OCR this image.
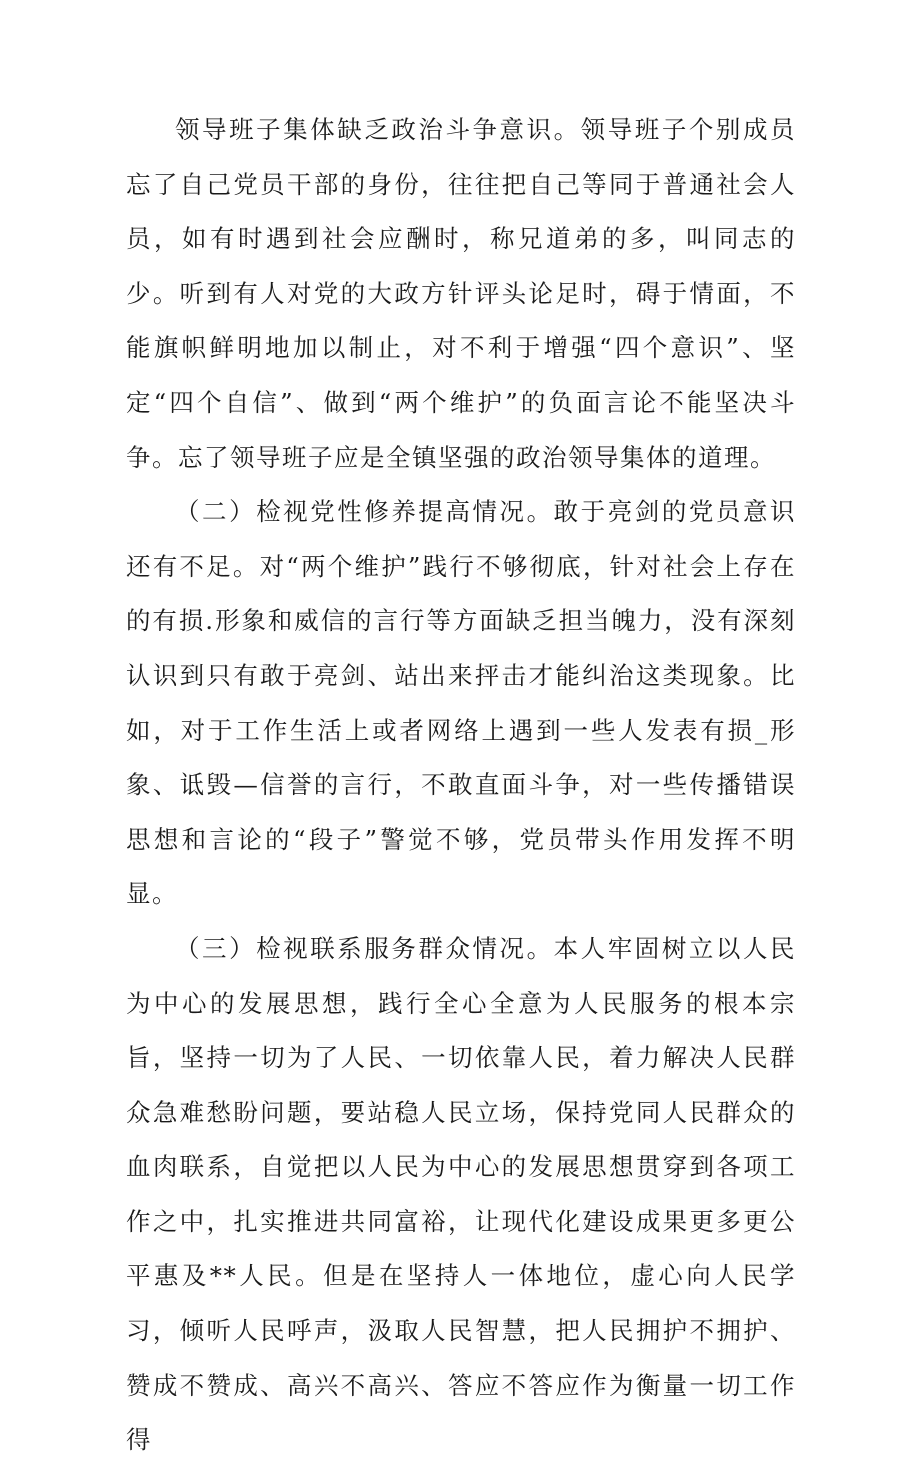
领导班子集体缺乏政治斗争意识。领导班子个别成员忘了自己党员干部的身份，往往把自己等同于普通社会人员，如有时遇到社会应酬时，称兄道弟的多，叫同志的少。听到有人对党的大政方针评头论足时，碍于情面，不能旗帜鲜明地加以制止，对不利于增强“四个意识”、坚定“四个自信”、做到“两个维护”的负面言论不能坚决斗争。忘了领导班子应是全镇坚强的政治领导集体的道理。

（二）检视党性修养提高情况。敢于亮剑的党员意识还有不足。对“两个维护”践行不够彻底，针对社会上存在的有损.形象和威信的言行等方面缺乏担当魄力，没有深刻认识到只有敢于亮剑、站出来抨击才能纠治这类现象。比如，对于工作生活上或者网络上遇到一些人发表有损_形象、诋毁—信誉的言行，不敢直面斗争，对一些传播错误思想和言论的“段子”警觉不够，党员带头作用发挥不明显。

（三）检视联系服务群众情况。本人牢固树立以人民为中心的发展思想，践行全心全意为人民服务的根本宗旨，坚持一切为了人民、一切依靠人民，着力解决人民群众急难愁盼问题，要站稳人民立场，保持党同人民群众的血肉联系，自觉把以人民为中心的发展思想贯穿到各项工作之中，扎实推进共同富裕，让现代化建设成果更多更公平惠及**人民。但是在坚持人一体地位，虚心向人民学习，倾听人民呼声，汲取人民智慧，把人民拥护不拥护、赞成不赞成、高兴不高兴、答应不答应作为衡量一切工作得
